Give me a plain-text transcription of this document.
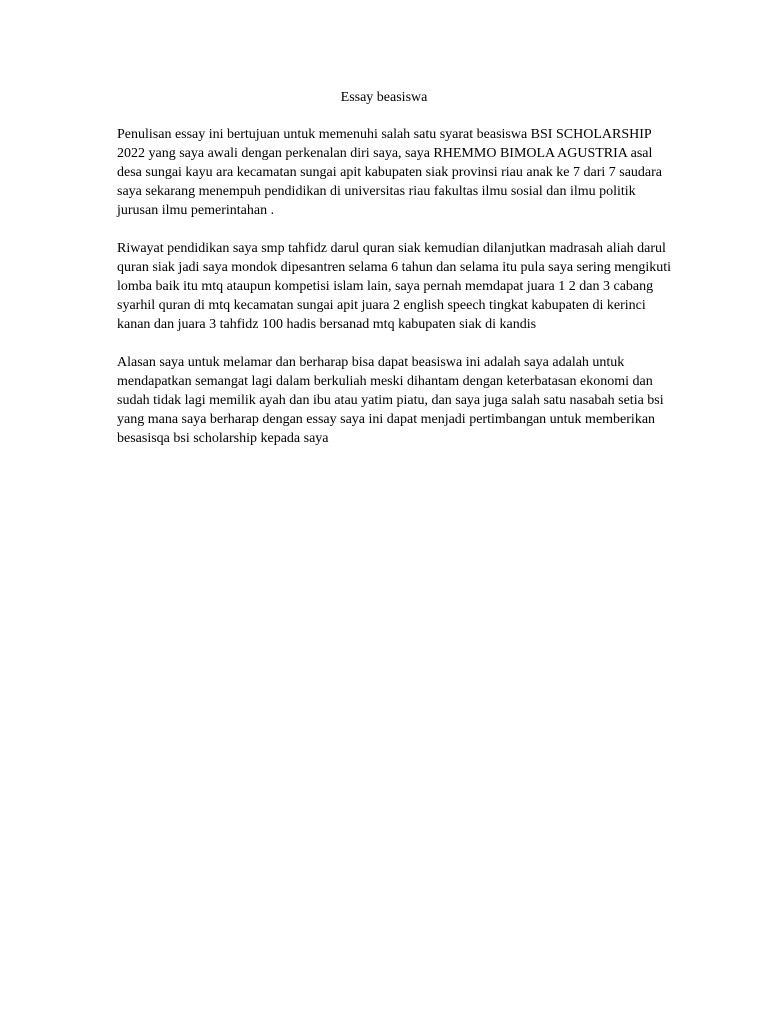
Essay beasiswa

Penulisan essay ini bertujuan untuk memenuhi salah satu syarat beasiswa BSI SCHOLARSHIP
2022 yang saya awali dengan perkenalan diri saya, saya RHEMMO BIMOLA AGUSTRIA asal
desa sungai kayu ara kecamatan sungai apit kabupaten siak provinsi riau anak ke 7 dari 7 saudara
saya sekarang menempuh pendidikan di universitas riau fakultas ilmu sosial dan ilmu politik
jurusan ilmu pemerintahan .

Riwayat pendidikan saya smp tahfidz darul quran siak kemudian dilanjutkan madrasah aliah darul
quran siak jadi saya mondok dipesantren selama 6 tahun dan selama itu pula saya sering mengikuti
lomba baik itu mtq ataupun kompetisi islam lain, saya pernah memdapat juara 1 2 dan 3 cabang
syarhil quran di mtq kecamatan sungai apit juara 2 english speech tingkat kabupaten di kerinci
kanan dan juara 3 tahfidz 100 hadis bersanad mtq kabupaten siak di kandis

Alasan saya untuk melamar dan berharap bisa dapat beasiswa ini adalah saya adalah untuk
mendapatkan semangat lagi dalam berkuliah meski dihantam dengan keterbatasan ekonomi dan
sudah tidak lagi memilik ayah dan ibu atau yatim piatu, dan saya juga salah satu nasabah setia bsi
yang mana saya berharap dengan essay saya ini dapat menjadi pertimbangan untuk memberikan
besasisqa bsi scholarship kepada saya
